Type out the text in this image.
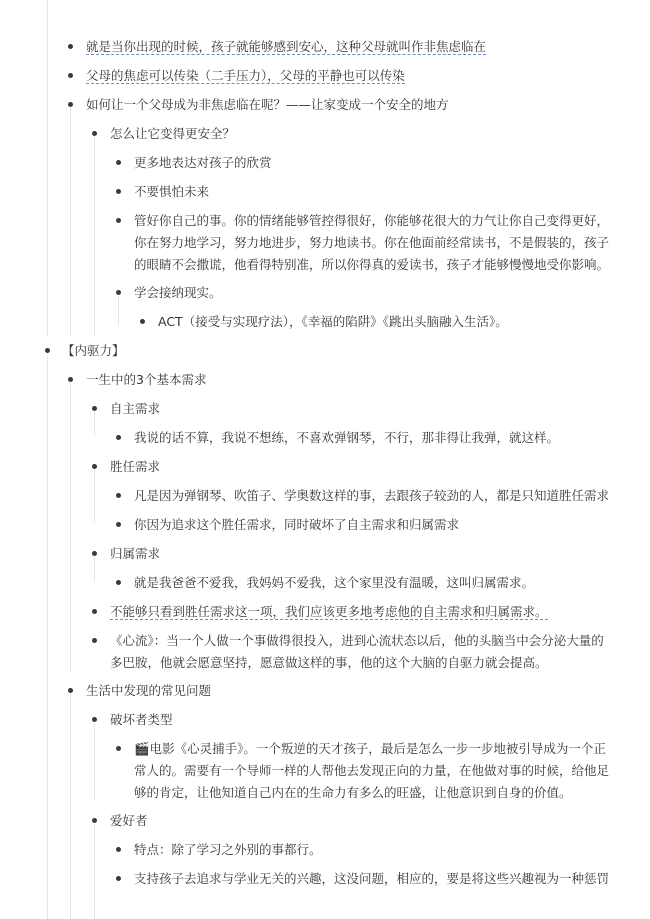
就是当你出现的时候，孩子就能够感到安心，这种父母就叫作非焦虑临在
父母的焦虑可以传染（二手压力），父母的平静也可以传染
如何让一个父母成为非焦虑临在呢？——让家变成一个安全的地方
怎么让它变得更安全？
更多地表达对孩子的欣赏
不要惧怕未来
管好你自己的事。你的情绪能够管控得很好，你能够花很大的力气让你自己变得更好，
你在努力地学习，努力地进步，努力地读书。你在他面前经常读书，不是假装的，孩子
的眼睛不会撒谎，他看得特别准，所以你得真的爱读书，孩子才能够慢慢地受你影响。
学会接纳现实。
ACT（接受与实现疗法），《幸福的陷阱》《跳出头脑融入生活》。
【内驱力】
一生中的3个基本需求
自主需求
我说的话不算，我说不想练，不喜欢弹钢琴，不行，那非得让我弹，就这样。
胜任需求
凡是因为弹钢琴、吹笛子、学奥数这样的事，去跟孩子较劲的人，都是只知道胜任需求
你因为追求这个胜任需求，同时破坏了自主需求和归属需求
归属需求
就是我爸爸不爱我，我妈妈不爱我，这个家里没有温暖，这叫归属需求。
不能够只看到胜任需求这一项，我们应该更多地考虑他的自主需求和归属需求。
《心流》：当一个人做一个事做得很投入，进到心流状态以后，他的头脑当中会分泌大量的
多巴胺，他就会愿意坚持，愿意做这样的事，他的这个大脑的自驱力就会提高。
生活中发现的常见问题
破坏者类型
🎬电影《心灵捕手》。一个叛逆的天才孩子，最后是怎么一步一步地被引导成为一个正
常人的。需要有一个导师一样的人帮他去发现正向的力量，在他做对事的时候，给他足
够的肯定，让他知道自己内在的生命力有多么的旺盛，让他意识到自身的价值。
爱好者
特点：除了学习之外别的事都行。
支持孩子去追求与学业无关的兴趣，这没问题，相应的，要是将这些兴趣视为一种惩罚
